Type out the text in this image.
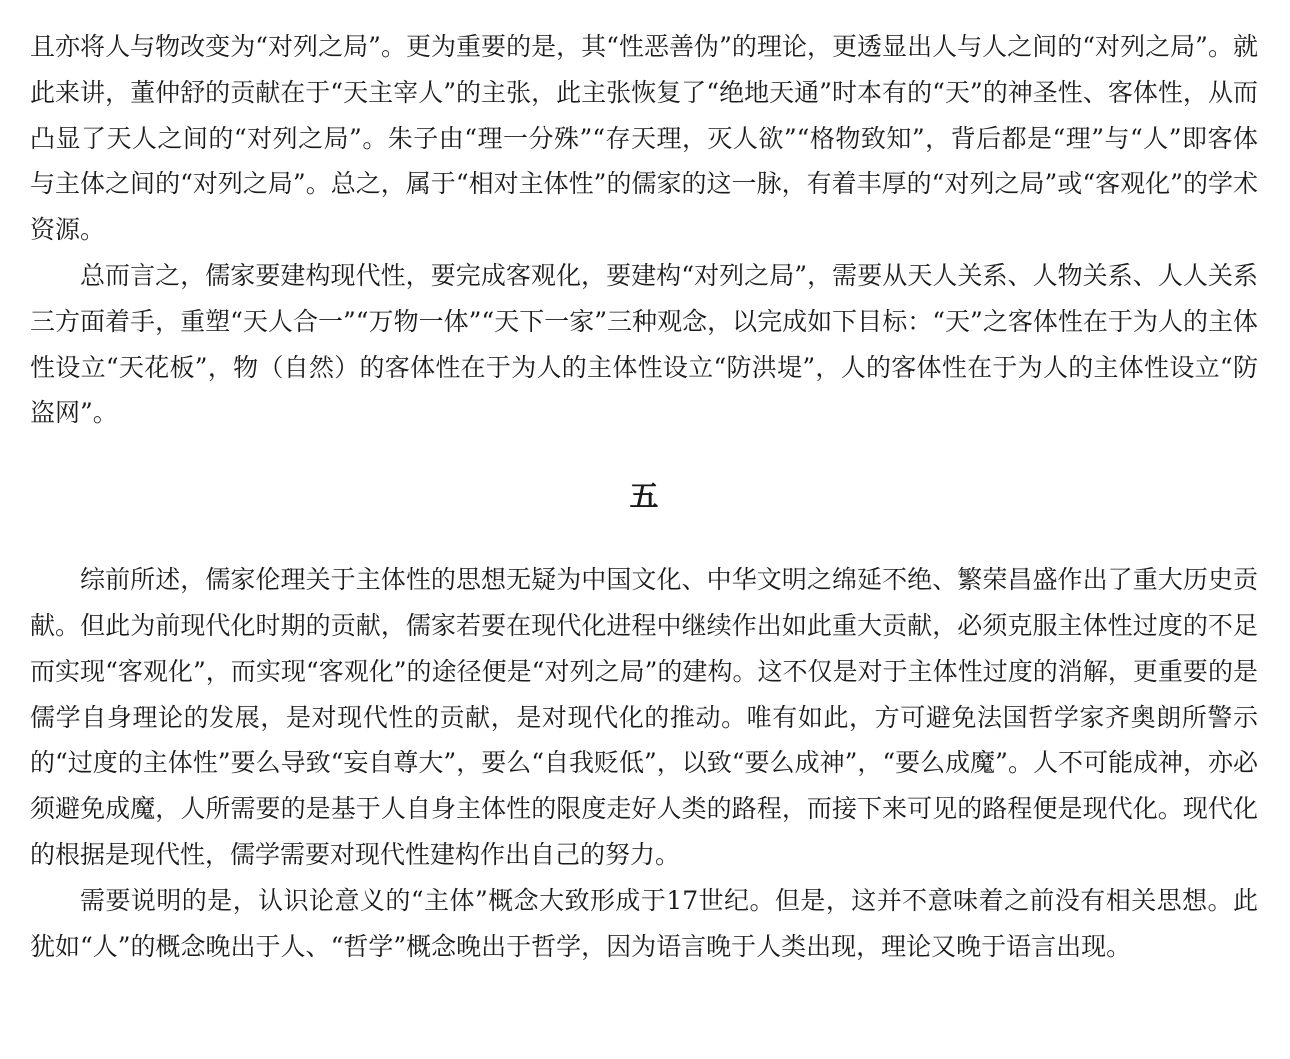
且亦将人与物改变为“对列之局”。更为重要的是，其“性恶善伪”的理论，更透显出人与人之间的“对列之局”。就此来讲，董仲舒的贡献在于“天主宰人”的主张，此主张恢复了“绝地天通”时本有的“天”的神圣性、客体性，从而凸显了天人之间的“对列之局”。朱子由“理一分殊”“存天理，灭人欲”“格物致知”，背后都是“理”与“人”即客体与主体之间的“对列之局”。总之，属于“相对主体性”的儒家的这一脉，有着丰厚的“对列之局”或“客观化”的学术资源。

总而言之，儒家要建构现代性，要完成客观化，要建构“对列之局”，需要从天人关系、人物关系、人人关系三方面着手，重塑“天人合一”“万物一体”“天下一家”三种观念，以完成如下目标：“天”之客体性在于为人的主体性设立“天花板”，物（自然）的客体性在于为人的主体性设立“防洪堤”，人的客体性在于为人的主体性设立“防盗网”。

五

综前所述，儒家伦理关于主体性的思想无疑为中国文化、中华文明之绵延不绝、繁荣昌盛作出了重大历史贡献。但此为前现代化时期的贡献，儒家若要在现代化进程中继续作出如此重大贡献，必须克服主体性过度的不足而实现“客观化”，而实现“客观化”的途径便是“对列之局”的建构。这不仅是对于主体性过度的消解，更重要的是儒学自身理论的发展，是对现代性的贡献，是对现代化的推动。唯有如此，方可避免法国哲学家齐奥朗所警示的“过度的主体性”要么导致“妄自尊大”，要么“自我贬低”，以致“要么成神”，“要么成魔”。人不可能成神，亦必须避免成魔，人所需要的是基于人自身主体性的限度走好人类的路程，而接下来可见的路程便是现代化。现代化的根据是现代性，儒学需要对现代性建构作出自己的努力。

需要说明的是，认识论意义的“主体”概念大致形成于17世纪。但是，这并不意味着之前没有相关思想。此犹如“人”的概念晚出于人、“哲学”概念晚出于哲学，因为语言晚于人类出现，理论又晚于语言出现。
